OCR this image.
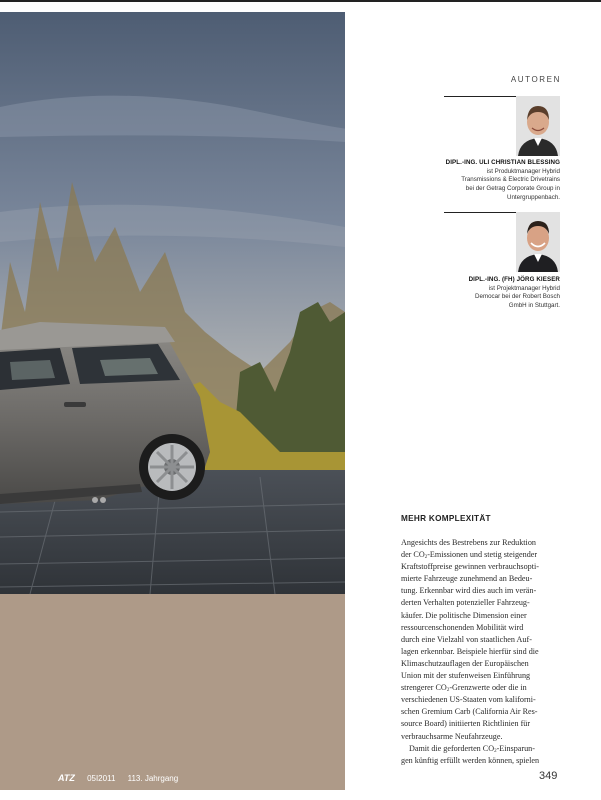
ATZ 05I2011 113. Jahrgang
AUTOREN
DIPL.-ING. ULI CHRISTIAN BLESSING
ist Produktmanager Hybrid
Transmissions & Electric Drivetrains
bei der Getrag Corporate Group in
Untergruppenbach.
DIPL.-ING. (FH) JÖRG KIESER
ist Projektmanager Hybrid
Democar bei der Robert Bosch
GmbH in Stuttgart.
MEHR KOMPLEXITÄT

Angesichts des Bestrebens zur Reduktion

der $CO_2$-Emissionen und stetig steigender

Kraftstoffpreise gewinnen verbrauchsopti-

mierte Fahrzeuge zunehmend an Bedeu-

tung. Erkennbar wird dies auch im verän-

derten Verhalten potenzieller Fahrzeug-

käufer. Die politische Dimension einer

ressourcenschonenden Mobilität wird

durch eine Vielzahl von staatlichen Auf-

lagen erkennbar. Beispiele hierfür sind die

Klimaschutzauflagen der Europäischen

Union mit der stufenweisen Einführung

strengerer $CO_2$-Grenzwerte oder die in

verschiedenen US-Staaten vom kaliforni-

schen Gremium Carb (California Air Res-

source Board) initiierten Richtlinien für

verbrauchsarme Neufahrzeuge.

Damit die geforderten $CO_2-Einsparun-$

gen künftig erfüllt werden können, spielen

349
